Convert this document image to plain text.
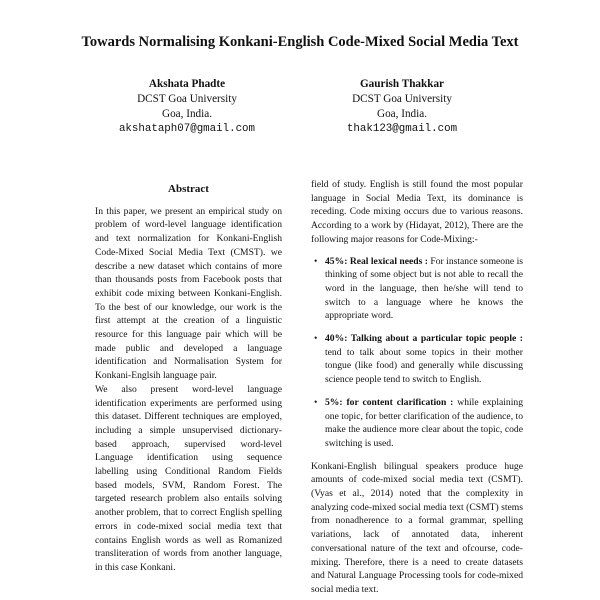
Towards Normalising Konkani-English Code-Mixed Social Media Text
Akshata Phadte
DCST Goa University
Goa, India.
akshataph07@gmail.com
Gaurish Thakkar
DCST Goa University
Goa, India.
thak123@gmail.com
Abstract

In this paper, we present an empirical study on problem of word-level language identification and text normalization for Konkani-English Code-Mixed Social Media Text (CMST). we describe a new dataset which contains of more than thousands posts from Facebook posts that exhibit code mixing between Konkani-English. To the best of our knowledge, our work is the first attempt at the creation of a linguistic resource for this language pair which will be made public and developed a language identification and Normalisation System for Konkani-Englsih language pair.

We also present word-level language identification experiments are performed using this dataset. Different techniques are employed, including a simple unsupervised dictionary-based approach, supervised word-level Language identification using sequence labelling using Conditional Random Fields based models, SVM, Random Forest. The targeted research problem also entails solving another problem, that to correct English spelling errors in code-mixed social media text that contains English words as well as Romanized transliteration of words from another language, in this case Konkani.

field of study. English is still found the most popular language in Social Media Text, its dominance is receding. Code mixing occurs due to various reasons. According to a work by (Hidayat, 2012), There are the following major reasons for Code-Mixing:-

• 45%: Real lexical needs : For instance someone is thinking of some object but is not able to recall the word in the language, then he/she will tend to switch to a language where he knows the appropriate word.
• 40%: Talking about a particular topic people : tend to talk about some topics in their mother tongue (like food) and generally while discussing science people tend to switch to English.
• 5%: for content clarification : while explaining one topic, for better clarification of the audience, to make the audience more clear about the topic, code switching is used.

Konkani-English bilingual speakers produce huge amounts of code-mixed social media text (CSMT). (Vyas et al., 2014) noted that the complexity in analyzing code-mixed social media text (CSMT) stems from nonadherence to a formal grammar, spelling variations, lack of annotated data, inherent conversational nature of the text and ofcourse, code-mixing. Therefore, there is a need to create datasets and Natural Language Processing tools for code-mixed social media text.
